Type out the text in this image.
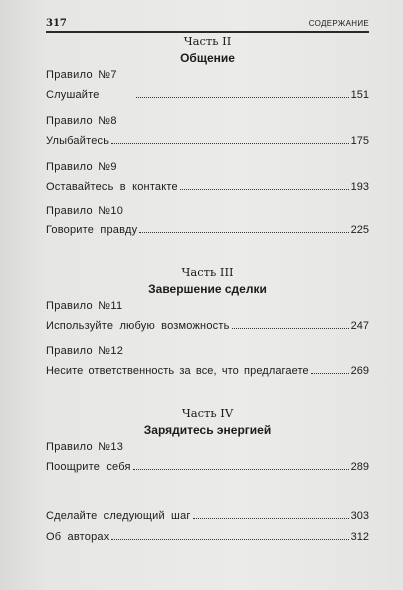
317	СОДЕРЖАНИЕ
Часть II
Общение
Правило №7
Слушайте	151
Правило №8
Улыбайтесь	175
Правило №9
Оставайтесь в контакте	193
Правило №10
Говорите правду	225
Часть III
Завершение сделки
Правило №11
Используйте любую возможность	247
Правило №12
Несите ответственность за все, что предлагаете	269
Часть IV
Зарядитесь энергией
Правило №13
Поощрите себя	289
Сделайте следующий шаг	303
Об авторах	312
